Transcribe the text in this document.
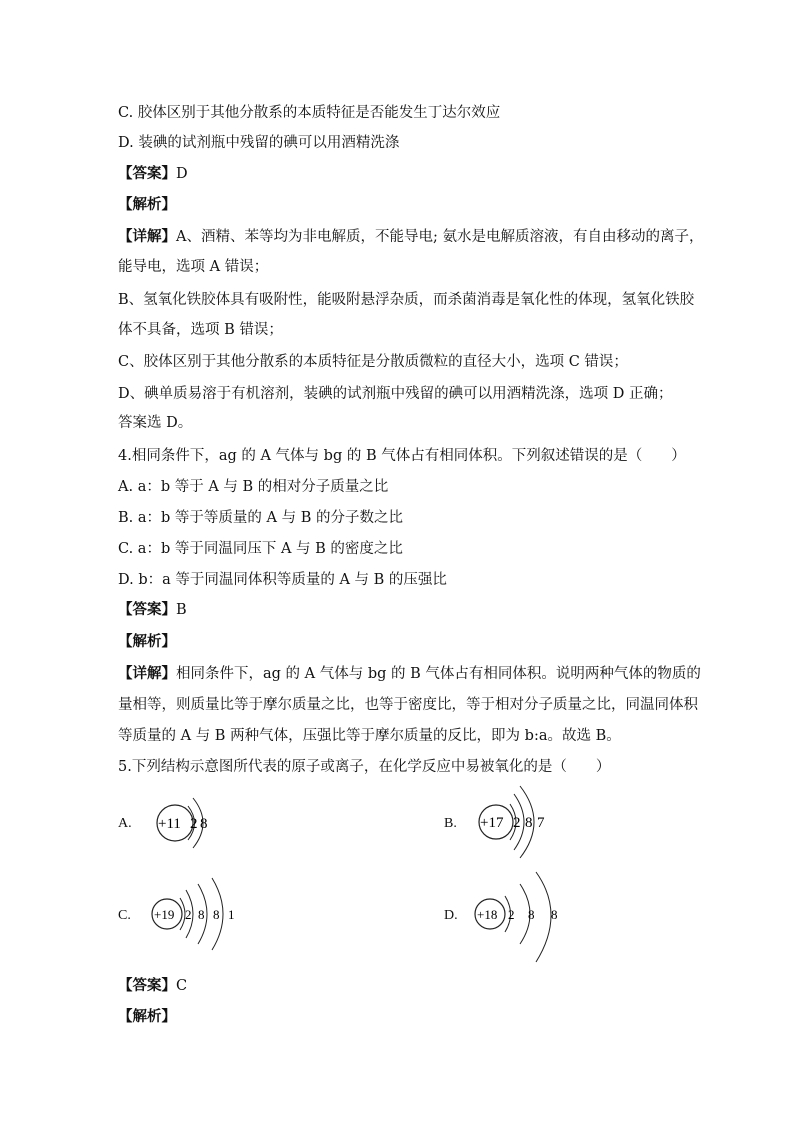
C. 胶体区别于其他分散系的本质特征是否能发生丁达尔效应
D. 装碘的试剂瓶中残留的碘可以用酒精洗涤
【答案】D
【解析】
【详解】A、酒精、苯等均为非电解质，不能导电; 氨水是电解质溶液，有自由移动的离子，
能导电，选项 A 错误；
B、氢氧化铁胶体具有吸附性，能吸附悬浮杂质，而杀菌消毒是氧化性的体现，氢氧化铁胶
体不具备，选项 B 错误；
C、胶体区别于其他分散系的本质特征是分散质微粒的直径大小，选项 C 错误；
D、碘单质易溶于有机溶剂，装碘的试剂瓶中残留的碘可以用酒精洗涤，选项 D 正确；
答案选 D。
4.相同条件下，ag 的 A 气体与 bg 的 B 气体占有相同体积。下列叙述错误的是（　　）
A. a：b 等于 A 与 B 的相对分子质量之比
B. a：b 等于等质量的 A 与 B 的分子数之比
C. a：b 等于同温同压下 A 与 B 的密度之比
D. b：a 等于同温同体积等质量的 A 与 B 的压强比
【答案】B
【解析】
【详解】相同条件下，ag 的 A 气体与 bg 的 B 气体占有相同体积。说明两种气体的物质的
量相等，则质量比等于摩尔质量之比，也等于密度比，等于相对分子质量之比，同温同体积
等质量的 A 与 B 两种气体，压强比等于摩尔质量的反比，即为 b:a。故选 B。
5.下列结构示意图所代表的原子或离子，在化学反应中易被氧化的是（　　）
A. +11 2 8	B. +17 2 8 7
C. +19 2 8 8 1	D. +18 2 8 8
【答案】C
【解析】
